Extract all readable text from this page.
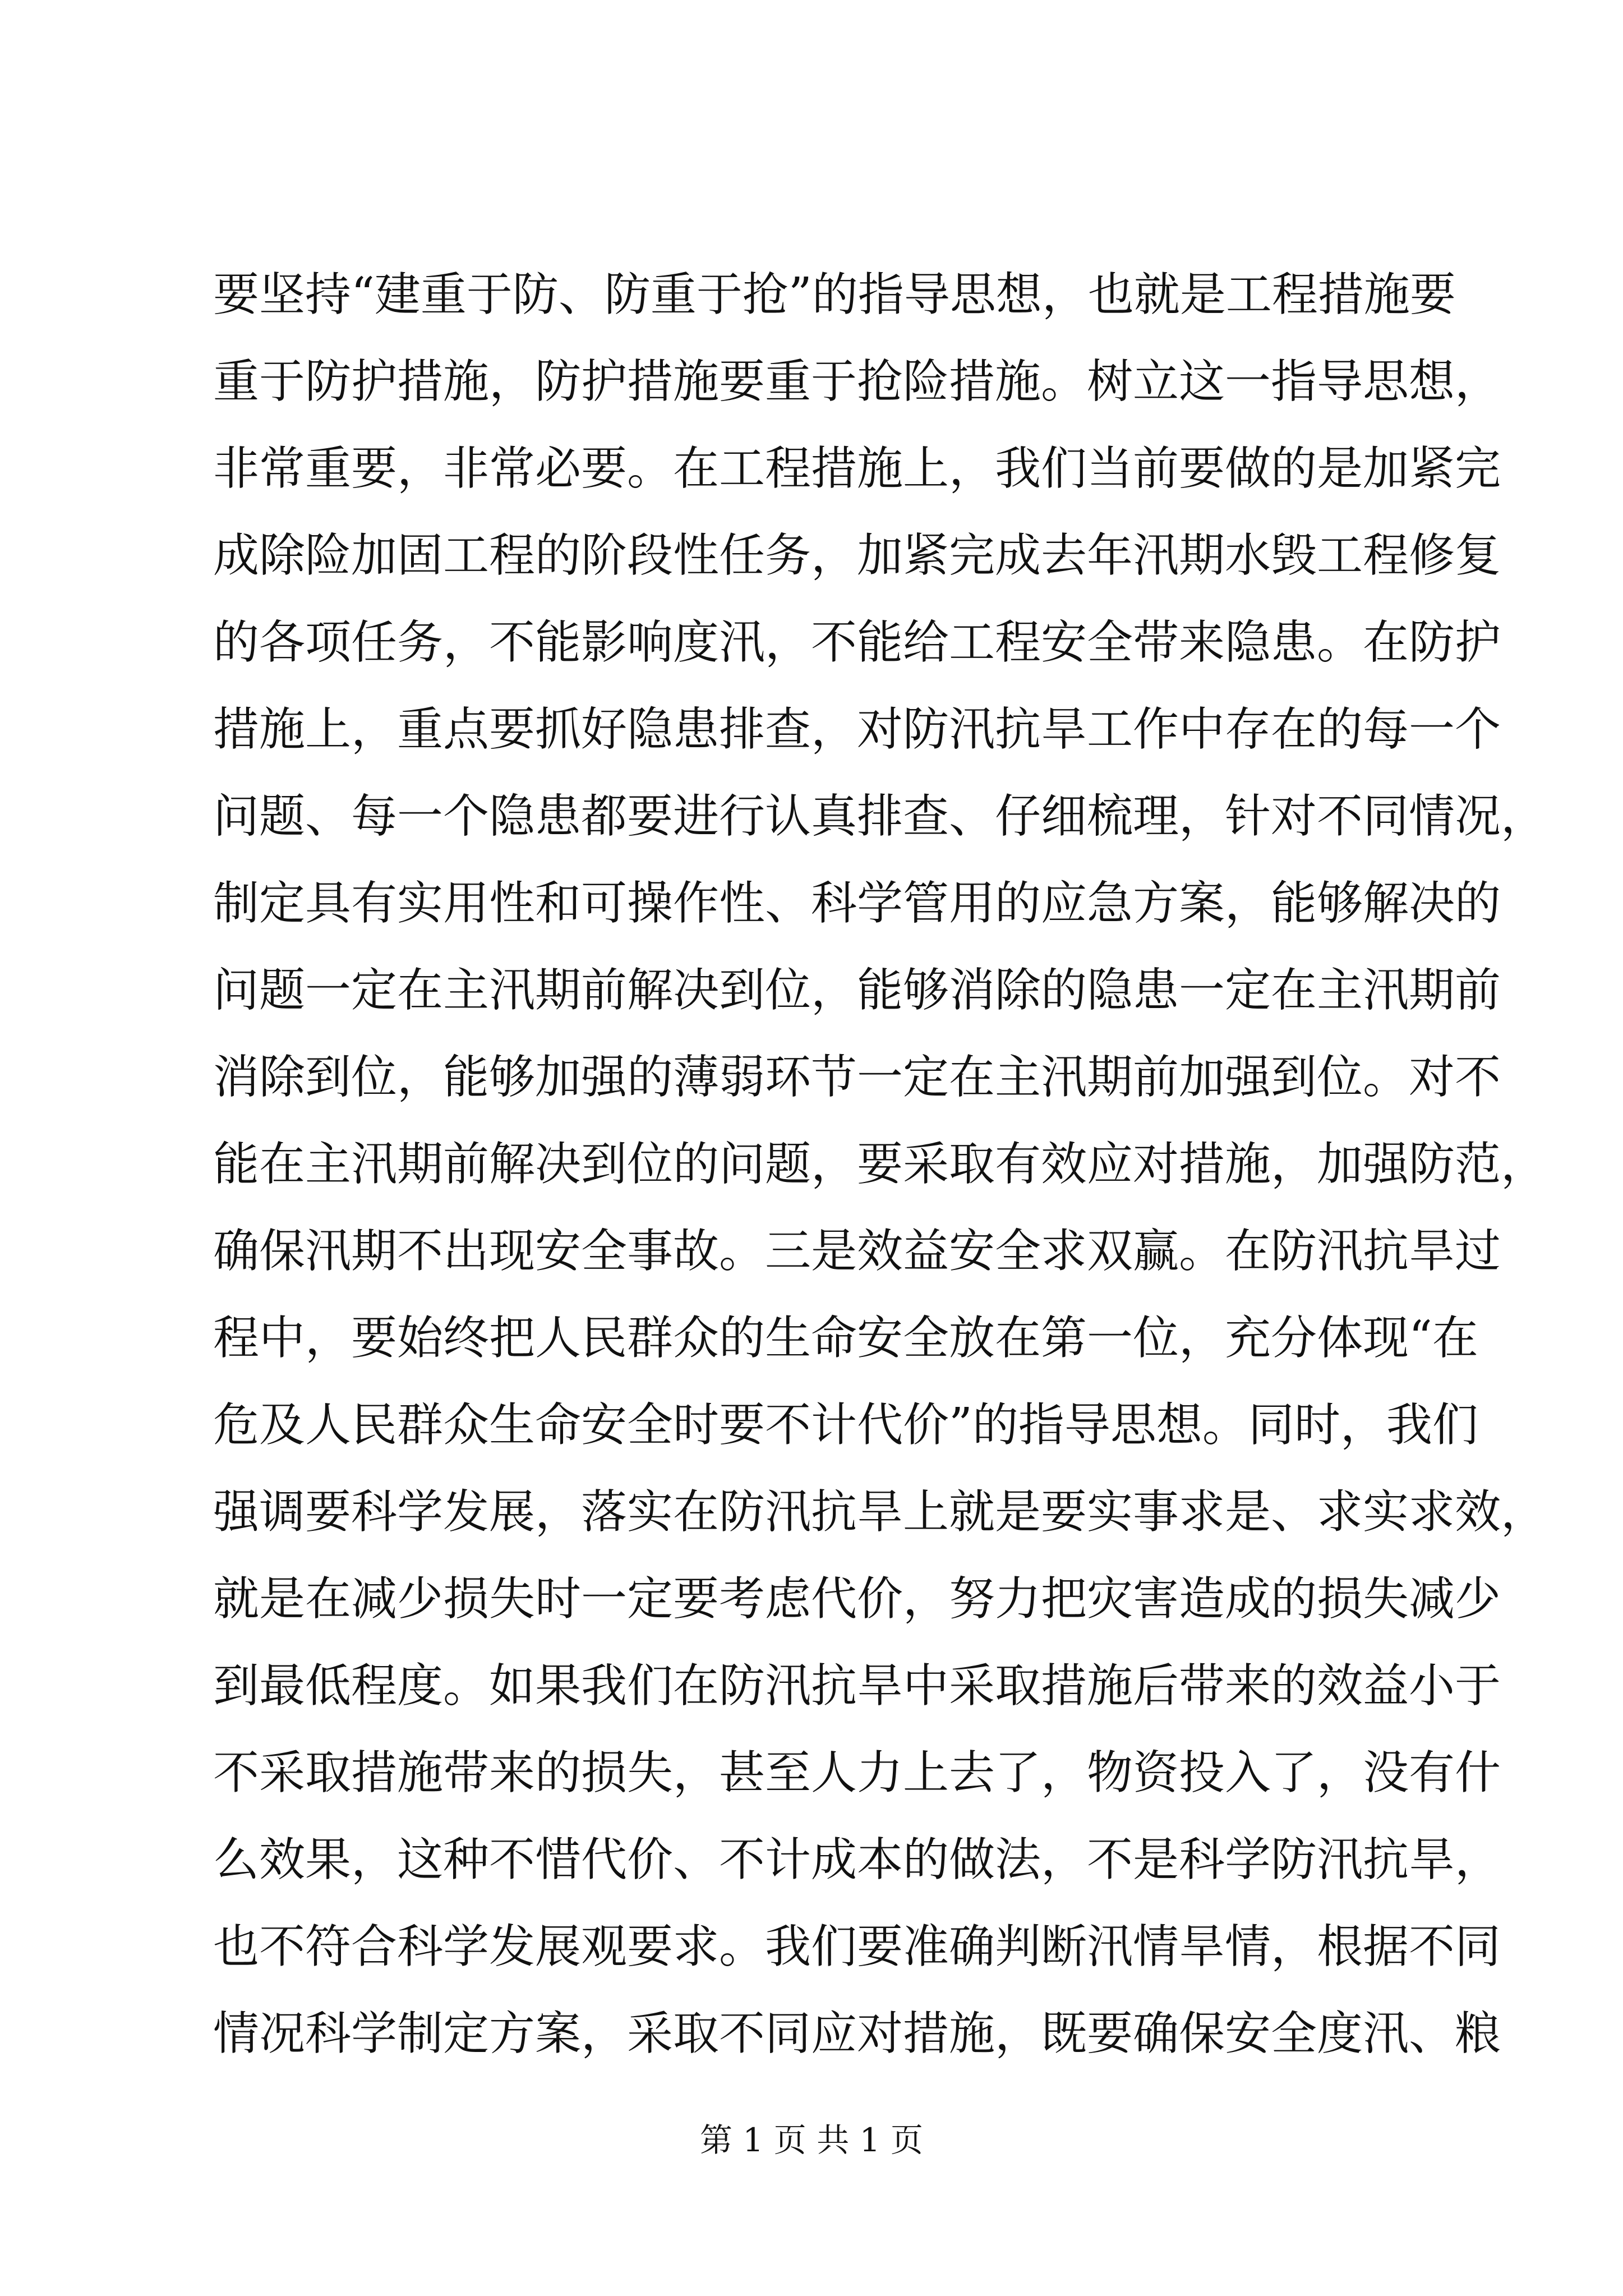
要坚持“建重于防、防重于抢”的指导思想，也就是工程措施要
重于防护措施，防护措施要重于抢险措施。树立这一指导思想，
非常重要，非常必要。在工程措施上，我们当前要做的是加紧完
成除险加固工程的阶段性任务，加紧完成去年汛期水毁工程修复
的各项任务，不能影响度汛，不能给工程安全带来隐患。在防护
措施上，重点要抓好隐患排查，对防汛抗旱工作中存在的每一个
问题、每一个隐患都要进行认真排查、仔细梳理，针对不同情况，
制定具有实用性和可操作性、科学管用的应急方案，能够解决的
问题一定在主汛期前解决到位，能够消除的隐患一定在主汛期前
消除到位，能够加强的薄弱环节一定在主汛期前加强到位。对不
能在主汛期前解决到位的问题，要采取有效应对措施，加强防范，
确保汛期不出现安全事故。三是效益安全求双赢。在防汛抗旱过
程中，要始终把人民群众的生命安全放在第一位，充分体现“在
危及人民群众生命安全时要不计代价”的指导思想。同时，我们
强调要科学发展，落实在防汛抗旱上就是要实事求是、求实求效，
就是在减少损失时一定要考虑代价，努力把灾害造成的损失减少
到最低程度。如果我们在防汛抗旱中采取措施后带来的效益小于
不采取措施带来的损失，甚至人力上去了，物资投入了，没有什
么效果，这种不惜代价、不计成本的做法，不是科学防汛抗旱，
也不符合科学发展观要求。我们要准确判断汛情旱情，根据不同
情况科学制定方案，采取不同应对措施，既要确保安全度汛、粮
第 1 页 共 1 页
